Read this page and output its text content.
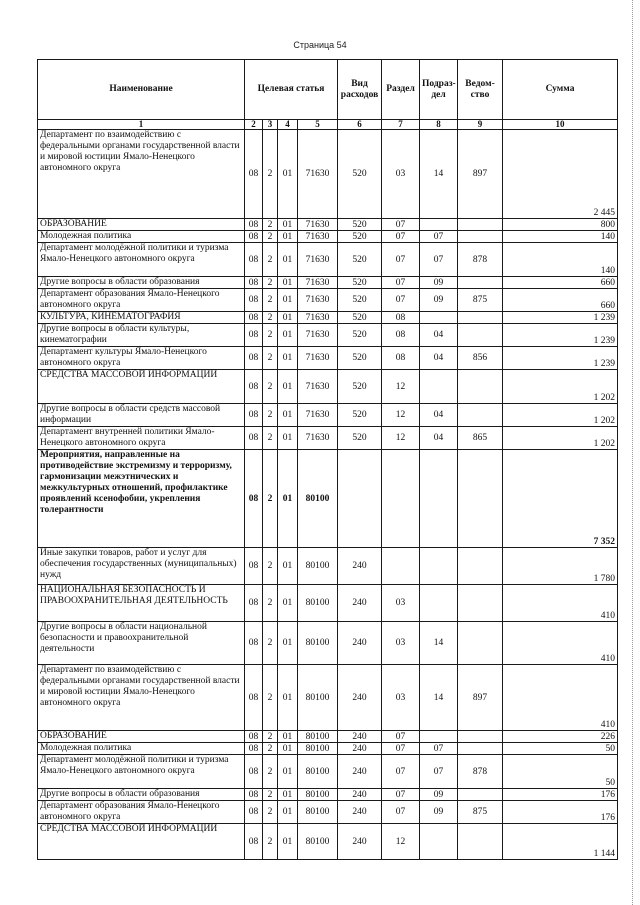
Страница 54
Наименование	Целевая статья				Вид расходов	Раздел	Подраз-дел	Ведом-ство	Сумма
1	2	3	4	5	6	7	8	9	10
Департамент по взаимодействию с федеральными органами государственной власти и мировой юстиции Ямало-Ненецкого автономного округа	08	2	01	71630	520	03	14	897	2 445
ОБРАЗОВАНИЕ	08	2	01	71630	520	07			800
Молодежная политика	08	2	01	71630	520	07	07		140
Департамент молодёжной политики и туризма Ямало-Ненецкого автономного округа	08	2	01	71630	520	07	07	878	140
Другие вопросы в области образования	08	2	01	71630	520	07	09		660
Департамент образования Ямало-Ненецкого автономного округа	08	2	01	71630	520	07	09	875	660
КУЛЬТУРА, КИНЕМАТОГРАФИЯ	08	2	01	71630	520	08			1 239
Другие вопросы в области культуры, кинематографии	08	2	01	71630	520	08	04		1 239
Департамент культуры Ямало-Ненецкого автономного округа	08	2	01	71630	520	08	04	856	1 239
СРЕДСТВА МАССОВОЙ ИНФОРМАЦИИ	08	2	01	71630	520	12			1 202
Другие вопросы в области средств массовой информации	08	2	01	71630	520	12	04		1 202
Департамент внутренней политики Ямало-Ненецкого автономного округа	08	2	01	71630	520	12	04	865	1 202
Мероприятия, направленные на противодействие экстремизму и терроризму, гармонизации межэтнических и межкультурных отношений, профилактике проявлений ксенофобии, укрепления толерантности	08	2	01	80100					7 352
Иные закупки товаров, работ и услуг для обеспечения государственных (муниципальных) нужд	08	2	01	80100	240				1 780
НАЦИОНАЛЬНАЯ БЕЗОПАСНОСТЬ И ПРАВООХРАНИТЕЛЬНАЯ ДЕЯТЕЛЬНОСТЬ	08	2	01	80100	240	03			410
Другие вопросы в области национальной безопасности и правоохранительной деятельности	08	2	01	80100	240	03	14		410
Департамент по взаимодействию с федеральными органами государственной власти и мировой юстиции Ямало-Ненецкого автономного округа	08	2	01	80100	240	03	14	897	410
ОБРАЗОВАНИЕ	08	2	01	80100	240	07			226
Молодежная политика	08	2	01	80100	240	07	07		50
Департамент молодёжной политики и туризма Ямало-Ненецкого автономного округа	08	2	01	80100	240	07	07	878	50
Другие вопросы в области образования	08	2	01	80100	240	07	09		176
Департамент образования Ямало-Ненецкого автономного округа	08	2	01	80100	240	07	09	875	176
СРЕДСТВА МАССОВОЙ ИНФОРМАЦИИ	08	2	01	80100	240	12			1 144
